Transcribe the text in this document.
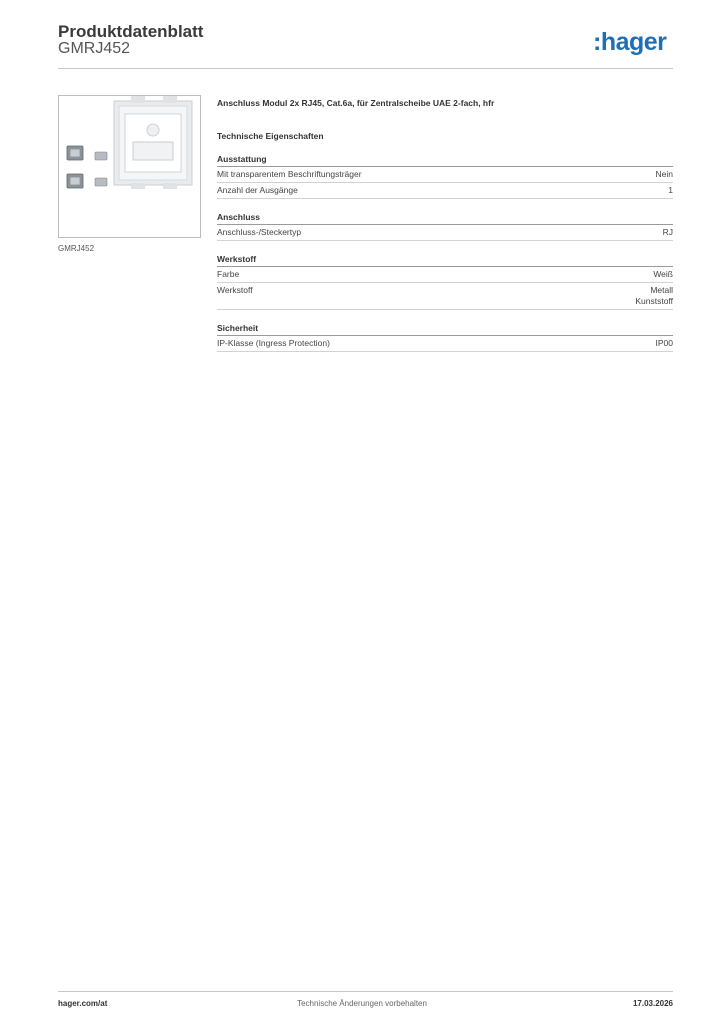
Produktdatenblatt
GMRJ452	:hager
GMRJ452
Anschluss Modul 2x RJ45, Cat.6a, für Zentralscheibe UAE 2-fach, hfr
Technische Eigenschaften
Ausstattung
Mit transparentem Beschriftungsträger	Nein
Anzahl der Ausgänge	1
Anschluss
Anschluss-/Steckertyp	RJ
Werkstoff
Farbe	Weiß
Werkstoff	Metall
Kunststoff
Sicherheit
IP-Klasse (Ingress Protection)	IP00
Technische Änderungen vorbehalten
hager.com/at	17.03.2026
